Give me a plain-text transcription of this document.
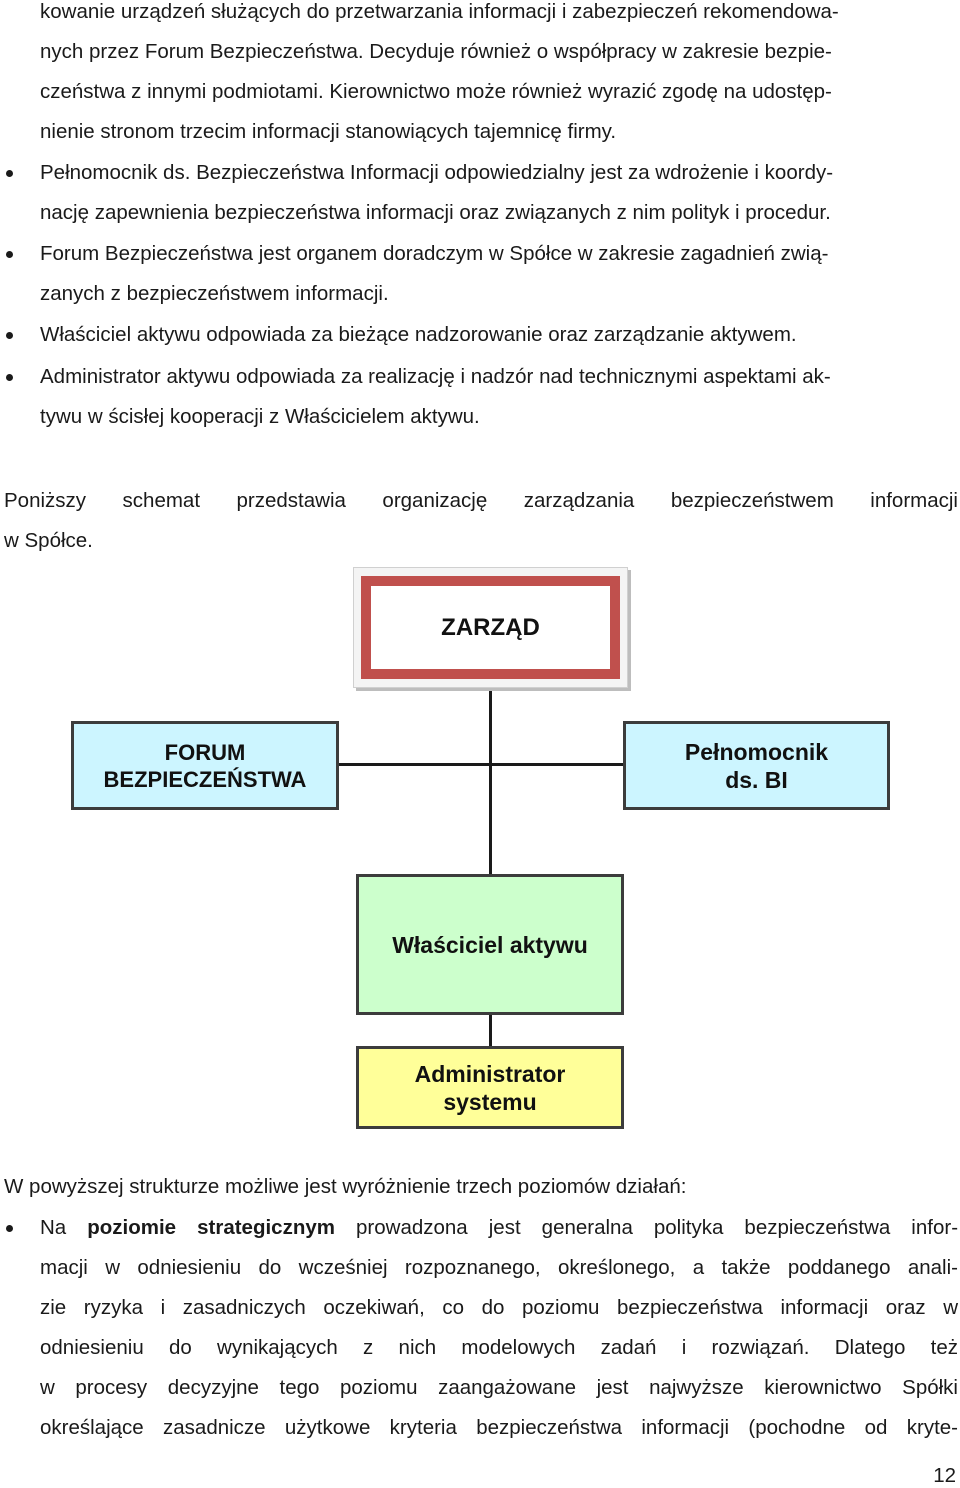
kowanie urządzeń służących do przetwarzania informacji i zabezpieczeń rekomendowa-
nych przez Forum Bezpieczeństwa. Decyduje również o współpracy w zakresie bezpie-
czeństwa z innymi podmiotami. Kierownictwo może również wyrazić zgodę na udostęp-
nienie stronom trzecim informacji stanowiących tajemnicę firmy.
Pełnomocnik ds. Bezpieczeństwa Informacji odpowiedzialny jest za wdrożenie i koordy-
nację zapewnienia bezpieczeństwa informacji oraz związanych z nim polityk i procedur.
Forum Bezpieczeństwa jest organem doradczym w Spółce w zakresie zagadnień zwią-
zanych z bezpieczeństwem informacji.
Właściciel aktywu odpowiada za bieżące nadzorowanie oraz zarządzanie aktywem.
Administrator aktywu odpowiada za realizację i nadzór nad technicznymi aspektami ak-
tywu w ścisłej kooperacji z Właścicielem aktywu.
Poniższy schemat przedstawia organizację zarządzania bezpieczeństwem informacji
w Spółce.
ZARZĄD
FORUM
BEZPIECZEŃSTWA
Pełnomocnik
ds. BI
Właściciel aktywu
Administrator
systemu
W powyższej strukturze możliwe jest wyróżnienie trzech poziomów działań:
Na poziomie strategicznym prowadzona jest generalna polityka bezpieczeństwa infor-
macji w odniesieniu do wcześniej rozpoznanego, określonego, a także poddanego anali-
zie ryzyka i zasadniczych oczekiwań, co do poziomu bezpieczeństwa informacji oraz w
odniesieniu do wynikających z nich modelowych zadań i rozwiązań. Dlatego też
w procesy decyzyjne tego poziomu zaangażowane jest najwyższe kierownictwo Spółki
określające zasadnicze użytkowe kryteria bezpieczeństwa informacji (pochodne od kryte-
12
